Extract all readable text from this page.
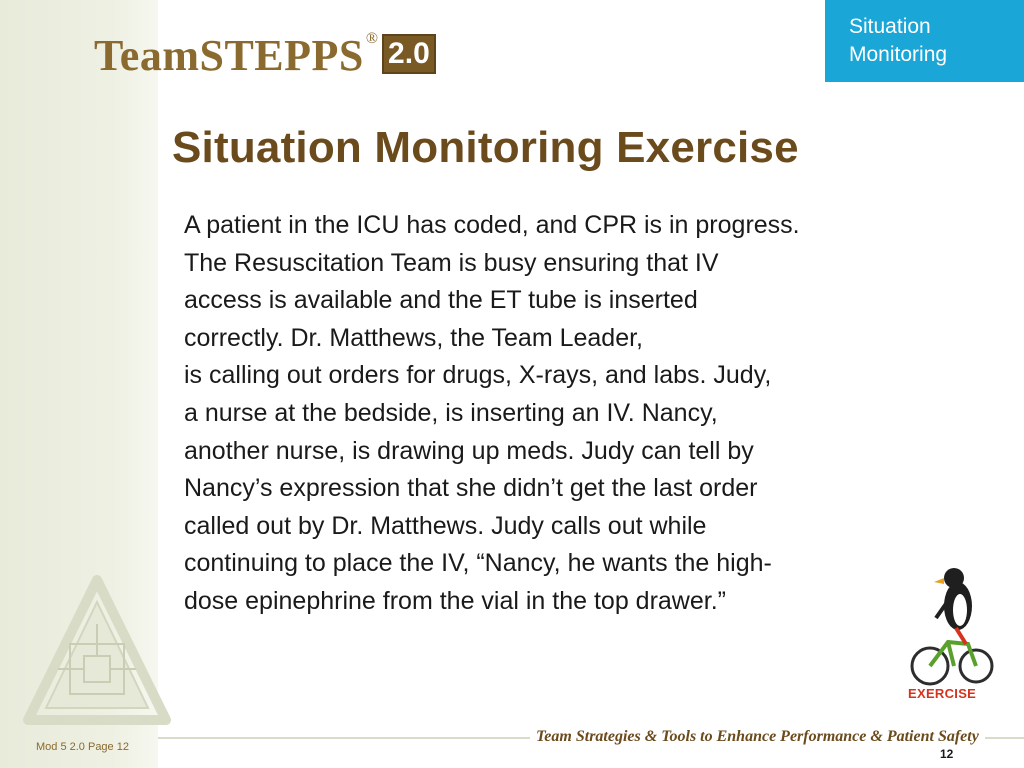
TeamSTEPPS ® 2.0
Situation
Monitoring
Situation Monitoring Exercise

A patient in the ICU has coded, and CPR is in progress.
The Resuscitation Team is busy ensuring that IV
access is available and the ET tube is inserted
correctly. Dr. Matthews, the Team Leader,
is calling out orders for drugs, X-rays, and labs. Judy,
a nurse at the bedside, is inserting an IV. Nancy,
another nurse, is drawing up meds. Judy can tell by
Nancy’s expression that she didn’t get the last order
called out by Dr. Matthews. Judy calls out while
continuing to place the IV, “Nancy, he wants the high-
dose epinephrine from the vial in the top drawer.”

EXERCISE
Team Strategies & Tools to Enhance Performance & Patient Safety
Mod 5 2.0 Page 12	12
